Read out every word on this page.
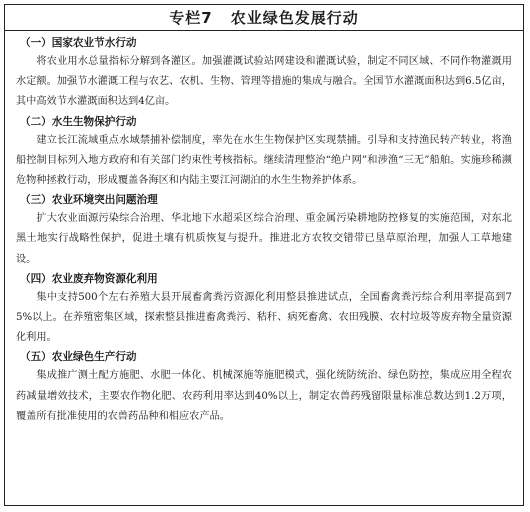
专栏7 农业绿色发展行动
（一）国家农业节水行动

将农业用水总量指标分解到各灌区。加强灌溉试验站网建设和灌溉试验，制定不同区域、不同作物灌溉用水定额。加强节水灌溉工程与农艺、农机、生物、管理等措施的集成与融合。全国节水灌溉面积达到6.5亿亩，其中高效节水灌溉面积达到4亿亩。

（二）水生生物保护行动

建立长江流域重点水域禁捕补偿制度，率先在水生生物保护区实现禁捕。引导和支持渔民转产转业，将渔船控制目标列入地方政府和有关部门约束性考核指标。继续清理整治“绝户网”和涉渔“三无”船舶。实施珍稀濒危物种拯救行动，形成覆盖各海区和内陆主要江河湖泊的水生生物养护体系。

（三）农业环境突出问题治理

扩大农业面源污染综合治理、华北地下水超采区综合治理、重金属污染耕地防控修复的实施范围，对东北黑土地实行战略性保护，促进土壤有机质恢复与提升。推进北方农牧交错带已垦草原治理，加强人工草地建设。

（四）农业废弃物资源化利用

集中支持500个左右养殖大县开展畜禽粪污资源化利用整县推进试点，全国畜禽粪污综合利用率提高到75%以上。在养殖密集区域，探索整县推进畜禽粪污、秸秆、病死畜禽、农田残膜、农村垃圾等废弃物全量资源化利用。

（五）农业绿色生产行动

集成推广测土配方施肥、水肥一体化、机械深施等施肥模式，强化统防统治、绿色防控，集成应用全程农药减量增效技术，主要农作物化肥、农药利用率达到40%以上，制定农兽药残留限量标准总数达到1.2万项，覆盖所有批准使用的农兽药品种和相应农产品。
